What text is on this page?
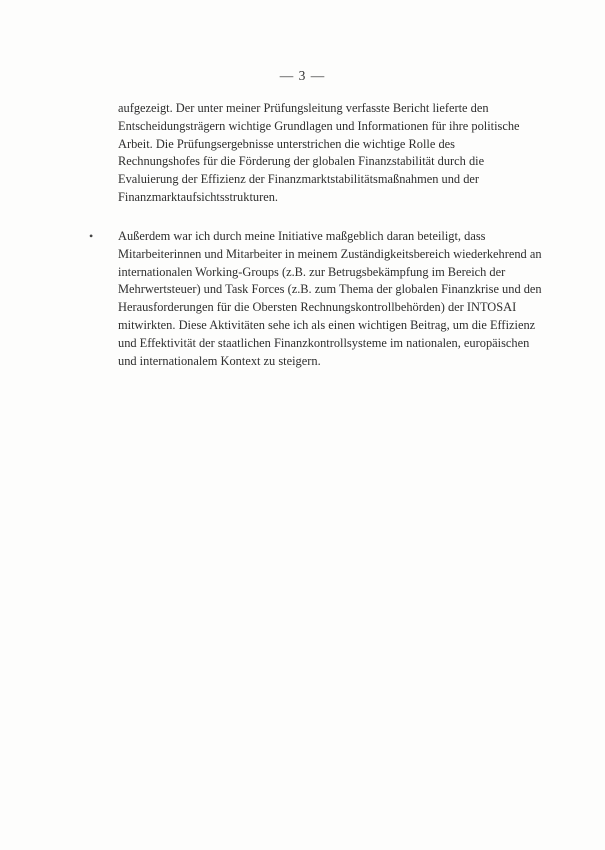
— 3 —
aufgezeigt. Der unter meiner Prüfungsleitung verfasste Bericht lieferte den
Entscheidungsträgern wichtige Grundlagen und Informationen für ihre politische
Arbeit. Die Prüfungsergebnisse unterstrichen die wichtige Rolle des
Rechnungshofes für die Förderung der globalen Finanzstabilität durch die
Evaluierung der Effizienz der Finanzmarktstabilitätsmaßnahmen und der
Finanzmarktaufsichtsstrukturen.
• Außerdem war ich durch meine Initiative maßgeblich daran beteiligt, dass
Mitarbeiterinnen und Mitarbeiter in meinem Zuständigkeitsbereich wiederkehrend an
internationalen Working-Groups (z.B. zur Betrugsbekämpfung im Bereich der
Mehrwertsteuer) und Task Forces (z.B. zum Thema der globalen Finanzkrise und den
Herausforderungen für die Obersten Rechnungskontrollbehörden) der INTOSAI
mitwirkten. Diese Aktivitäten sehe ich als einen wichtigen Beitrag, um die Effizienz
und Effektivität der staatlichen Finanzkontrollsysteme im nationalen, europäischen
und internationalem Kontext zu steigern.
